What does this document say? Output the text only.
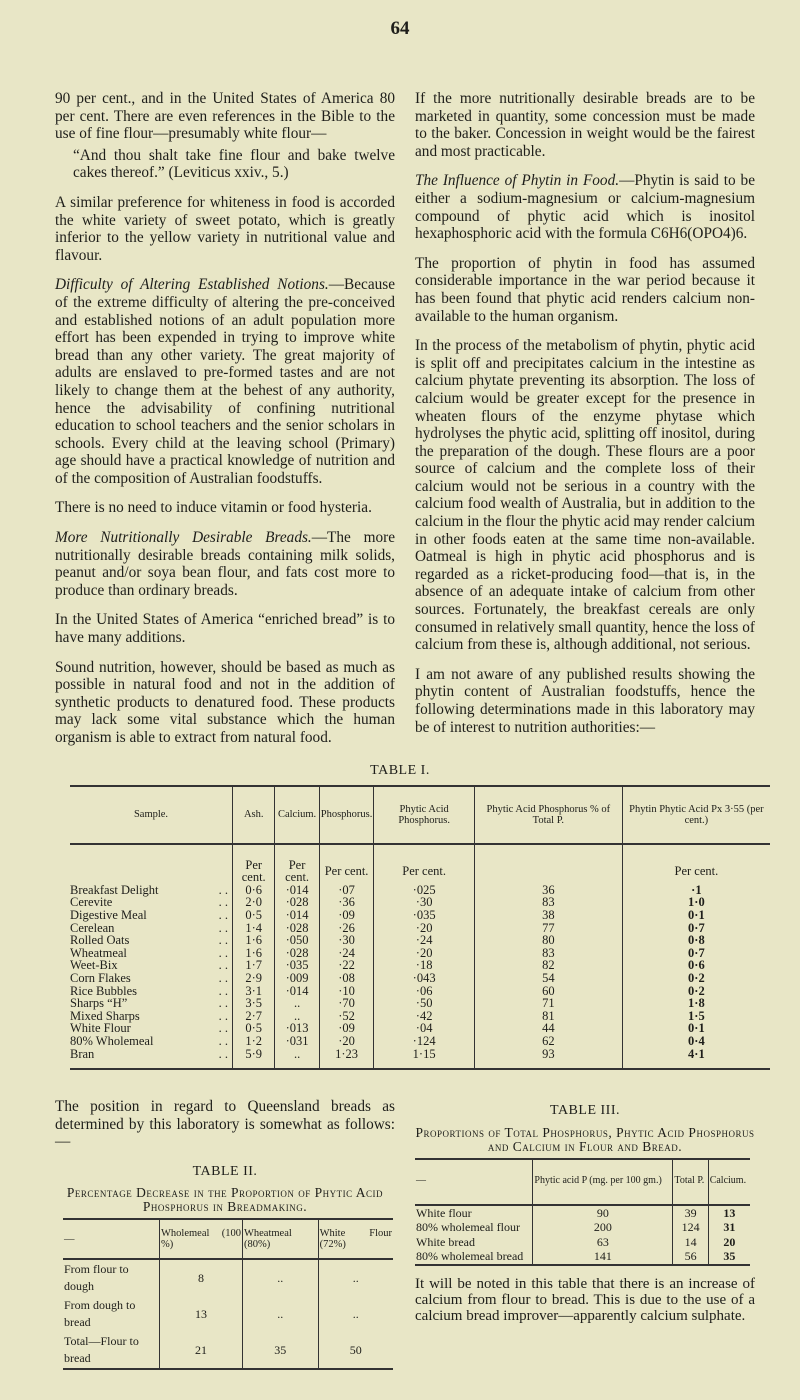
64

90 per cent., and in the United States of America 80 per cent. There are even references in the Bible to the use of fine flour—presumably white flour—

“And thou shalt take fine flour and bake twelve cakes thereof.” (Leviticus xxiv., 5.)

A similar preference for whiteness in food is accorded the white variety of sweet potato, which is greatly inferior to the yellow variety in nutritional value and flavour.

Difficulty of Altering Established Notions.—Because of the extreme difficulty of altering the pre-conceived and established notions of an adult population more effort has been expended in trying to improve white bread than any other variety. The great majority of adults are enslaved to pre-formed tastes and are not likely to change them at the behest of any authority, hence the advisability of confining nutritional education to school teachers and the senior scholars in schools. Every child at the leaving school (Primary) age should have a practical knowledge of nutrition and of the composition of Australian foodstuffs.

There is no need to induce vitamin or food hysteria.

More Nutritionally Desirable Breads.—The more nutritionally desirable breads containing milk solids, peanut and/or soya bean flour, and fats cost more to produce than ordinary breads.

In the United States of America “enriched bread” is to have many additions.

Sound nutrition, however, should be based as much as possible in natural food and not in the addition of synthetic products to denatured food. These products may lack some vital substance which the human organism is able to extract from natural food.

If the more nutritionally desirable breads are to be marketed in quantity, some concession must be made to the baker. Concession in weight would be the fairest and most practicable.

The Influence of Phytin in Food.—Phytin is said to be either a sodium-magnesium or calcium-magnesium compound of phytic acid which is inositol hexaphosphoric acid with the formula C6H6(OPO4)6.

The proportion of phytin in food has assumed considerable importance in the war period because it has been found that phytic acid renders calcium non-available to the human organism.

In the process of the metabolism of phytin, phytic acid is split off and precipitates calcium in the intestine as calcium phytate preventing its absorption. The loss of calcium would be greater except for the presence in wheaten flours of the enzyme phytase which hydrolyses the phytic acid, splitting off inositol, during the preparation of the dough. These flours are a poor source of calcium and the complete loss of their calcium would not be serious in a country with the calcium food wealth of Australia, but in addition to the calcium in the flour the phytic acid may render calcium in other foods eaten at the same time non-available. Oatmeal is high in phytic acid phosphorus and is regarded as a ricket-producing food—that is, in the absence of an adequate intake of calcium from other sources. Fortunately, the breakfast cereals are only consumed in relatively small quantity, hence the loss of calcium from these is, although additional, not serious.

I am not aware of any published results showing the phytin content of Australian foodstuffs, hence the following determinations made in this laboratory may be of interest to nutrition authorities:—

TABLE I.
Sample.	Ash.	Calcium.	Phosphorus.	Phytic Acid Phosphorus.	Phytic Acid Phosphorus % of Total P.	Phytin Phytic Acid Px 3·55 (per cent.)
	Per cent.	Per cent.	Per cent.	Per cent.		Per cent.

Breakfast Delight . .	0·6	·014	·07	·025	36	·1

Cerevite . .	2·0	·028	·36	·30	83	1·0

Digestive Meal . .	0·5	·014	·09	·035	38	0·1

Cerelean . .	1·4	·028	·26	·20	77	0·7

Rolled Oats . .	1·6	·050	·30	·24	80	0·8

Wheatmeal . .	1·6	·028	·24	·20	83	0·7

Weet-Bix . .	1·7	·035	·22	·18	82	0·6

Corn Flakes . .	2·9	·009	·08	·043	54	0·2

Rice Bubbles . .	3·1	·014	·10	·06	60	0·2

Sharps “H” . .	3·5	..	·70	·50	71	1·8

Mixed Sharps . .	2·7	..	·52	·42	81	1·5

White Flour . .	0·5	·013	·09	·04	44	0·1

80% Wholemeal . .	1·2	·031	·20	·124	62	0·4

Bran . .	5·9	..	1·23	1·15	93	4·1

The position in regard to Queensland breads as determined by this laboratory is somewhat as follows:—

TABLE II.
Percentage Decrease in the Proportion of Phytic Acid Phosphorus in Breadmaking.
—	Wholemeal (100 %)	Wheatmeal (80%)	White Flour (72%)
From flour to dough	8	..	..
From dough to bread	13	..	..
Total—Flour to bread	21	35	50
TABLE III.
Proportions of Total Phosphorus, Phytic Acid Phosphorus and Calcium in Flour and Bread.
—	Phytic acid P (mg. per 100 gm.)	Total P.	Calcium.
White flour	90	39	13
80% wholemeal flour	200	124	31
White bread	63	14	20
80% wholemeal bread	141	56	35

It will be noted in this table that there is an increase of calcium from flour to bread. This is due to the use of a calcium bread improver—apparently calcium sulphate.
